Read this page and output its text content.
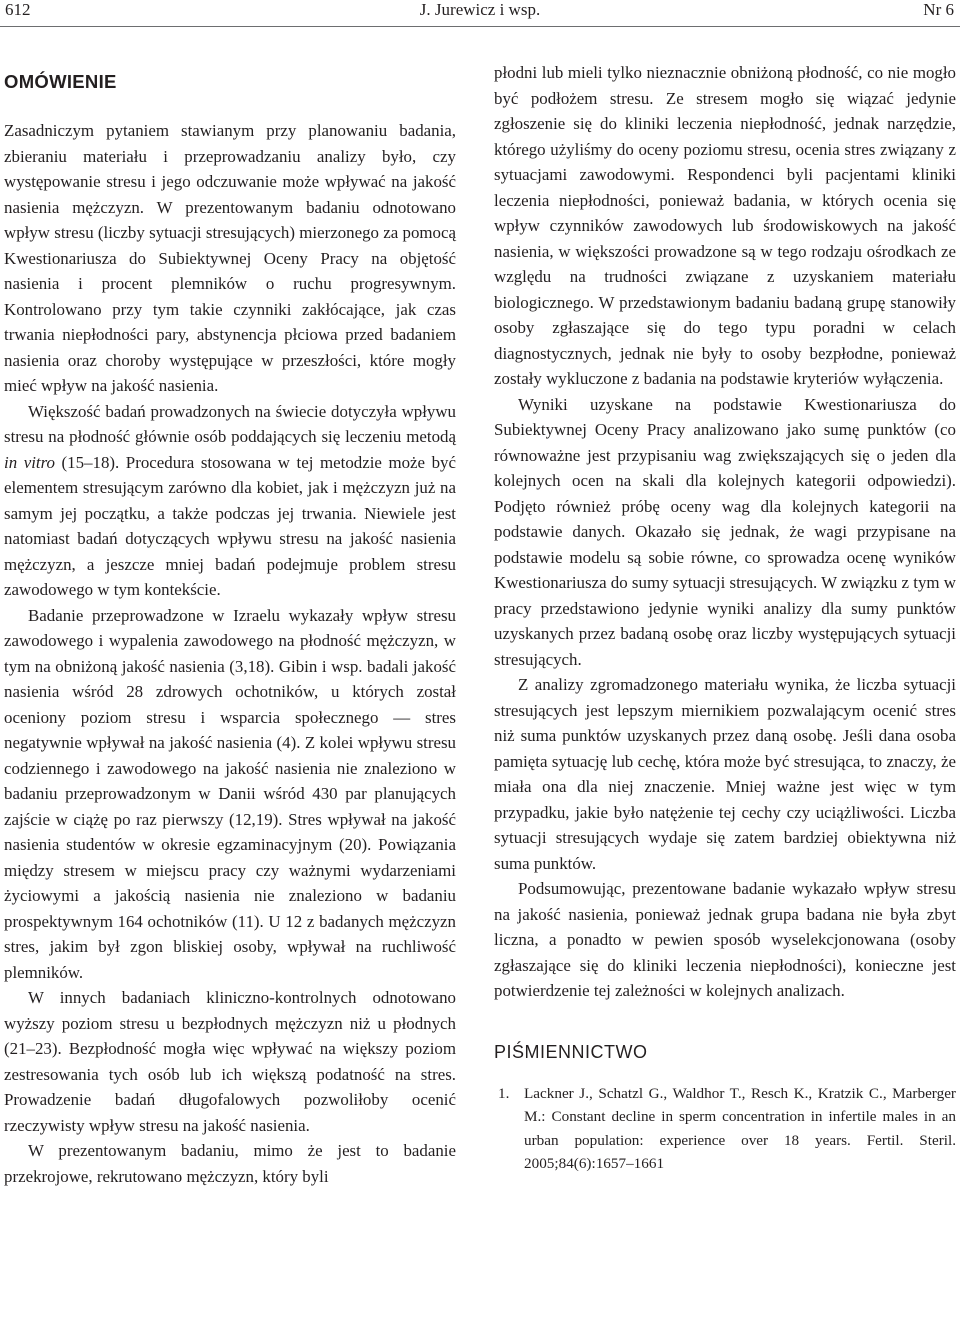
612	J. Jurewicz i wsp.	Nr 6
OMÓWIENIE

Zasadniczym pytaniem stawianym przy planowaniu badania, zbieraniu materiału i przeprowadzaniu analizy było, czy występowanie stresu i jego odczuwanie może wpływać na jakość nasienia mężczyzn. W prezentowanym badaniu odnotowano wpływ stresu (liczby sytuacji stresujących) mierzonego za pomocą Kwestionariusza do Subiektywnej Oceny Pracy na objętość nasienia i procent plemników o ruchu progresywnym. Kontrolowano przy tym takie czynniki zakłócające, jak czas trwania niepłodności pary, abstynencja płciowa przed badaniem nasienia oraz choroby występujące w przeszłości, które mogły mieć wpływ na jakość nasienia.

Większość badań prowadzonych na świecie dotyczyła wpływu stresu na płodność głównie osób poddających się leczeniu metodą in vitro (15–18). Procedura stosowana w tej metodzie może być elementem stresującym zarówno dla kobiet, jak i mężczyzn już na samym jej początku, a także podczas jej trwania. Niewiele jest natomiast badań dotyczących wpływu stresu na jakość nasienia mężczyzn, a jeszcze mniej badań podejmuje problem stresu zawodowego w tym kontekście.

Badanie przeprowadzone w Izraelu wykazały wpływ stresu zawodowego i wypalenia zawodowego na płodność mężczyzn, w tym na obniżoną jakość nasienia (3,18). Gibin i wsp. badali jakość nasienia wśród 28 zdrowych ochotników, u których został oceniony poziom stresu i wsparcia społecznego — stres negatywnie wpływał na jakość nasienia (4). Z kolei wpływu stresu codziennego i zawodowego na jakość nasienia nie znaleziono w badaniu przeprowadzonym w Danii wśród 430 par planujących zajście w ciążę po raz pierwszy (12,19). Stres wpływał na jakość nasienia studentów w okresie egzaminacyjnym (20). Powiązania między stresem w miejscu pracy czy ważnymi wydarzeniami życiowymi a jakością nasienia nie znaleziono w badaniu prospektywnym 164 ochotników (11). U 12 z badanych mężczyzn stres, jakim był zgon bliskiej osoby, wpływał na ruchliwość plemników.

W innych badaniach kliniczno-kontrolnych odnotowano wyższy poziom stresu u bezpłodnych mężczyzn niż u płodnych (21–23). Bezpłodność mogła więc wpływać na większy poziom zestresowania tych osób lub ich większą podatność na stres. Prowadzenie badań długofalowych pozwoliłoby ocenić rzeczywisty wpływ stresu na jakość nasienia.

W prezentowanym badaniu, mimo że jest to badanie przekrojowe, rekrutowano mężczyzn, który byli

płodni lub mieli tylko nieznacznie obniżoną płodność, co nie mogło być podłożem stresu. Ze stresem mogło się wiązać jedynie zgłoszenie się do kliniki leczenia niepłodność, jednak narzędzie, którego użyliśmy do oceny poziomu stresu, ocenia stres związany z sytuacjami zawodowymi. Respondenci byli pacjentami kliniki leczenia niepłodności, ponieważ badania, w których ocenia się wpływ czynników zawodowych lub środowiskowych na jakość nasienia, w większości prowadzone są w tego rodzaju ośrodkach ze względu na trudności związane z uzyskaniem materiału biologicznego. W przedstawionym badaniu badaną grupę stanowiły osoby zgłaszające się do tego typu poradni w celach diagnostycznych, jednak nie były to osoby bezpłodne, ponieważ zostały wykluczone z badania na podstawie kryteriów wyłączenia.

Wyniki uzyskane na podstawie Kwestionariusza do Subiektywnej Oceny Pracy analizowano jako sumę punktów (co równoważne jest przypisaniu wag zwiększających się o jeden dla kolejnych ocen na skali dla kolejnych kategorii odpowiedzi). Podjęto również próbę oceny wag dla kolejnych kategorii na podstawie danych. Okazało się jednak, że wagi przypisane na podstawie modelu są sobie równe, co sprowadza ocenę wyników Kwestionariusza do sumy sytuacji stresujących. W związku z tym w pracy przedstawiono jedynie wyniki analizy dla sumy punktów uzyskanych przez badaną osobę oraz liczby występujących sytuacji stresujących.

Z analizy zgromadzonego materiału wynika, że liczba sytuacji stresujących jest lepszym miernikiem pozwalającym ocenić stres niż suma punktów uzyskanych przez daną osobę. Jeśli dana osoba pamięta sytuację lub cechę, która może być stresująca, to znaczy, że miała ona dla niej znaczenie. Mniej ważne jest więc w tym przypadku, jakie było natężenie tej cechy czy uciążliwości. Liczba sytuacji stresujących wydaje się zatem bardziej obiektywna niż suma punktów.

Podsumowując, prezentowane badanie wykazało wpływ stresu na jakość nasienia, ponieważ jednak grupa badana nie była zbyt liczna, a ponadto w pewien sposób wyselekcjonowana (osoby zgłaszające się do kliniki leczenia niepłodności), konieczne jest potwierdzenie tej zależności w kolejnych analizach.

PIŚMIENNICTWO
1. Lackner J., Schatzl G., Waldhor T., Resch K., Kratzik C., Marberger M.: Constant decline in sperm concentration in infertile males in an urban population: experience over 18 years. Fertil. Steril. 2005;84(6):1657–1661
